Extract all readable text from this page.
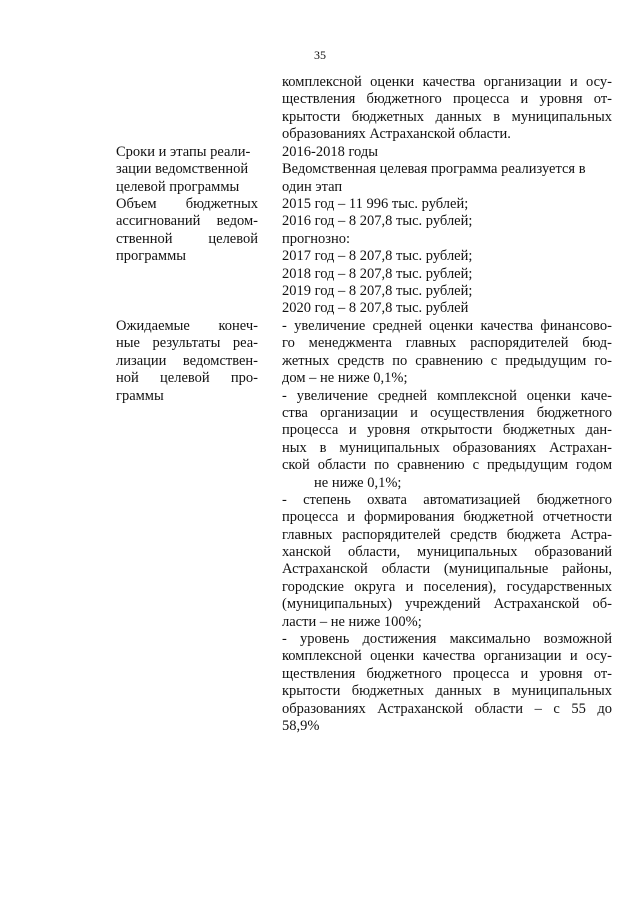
35
комплексной оценки качества организации и осу-
ществления бюджетного процесса и уровня от-
крытости бюджетных данных в муниципальных
образованиях Астраханской области.
Сроки и этапы реали-
зации ведомственной
целевой программы
2016-2018 годы
Ведомственная целевая программа реализуется в
один этап
Объем бюджетных
ассигнований ведом-
ственной целевой
программы
2015 год – 11 996 тыс. рублей;
2016 год – 8 207,8 тыс. рублей;
прогнозно:
2017 год – 8 207,8 тыс. рублей;
2018 год – 8 207,8 тыс. рублей;
2019 год – 8 207,8 тыс. рублей;
2020 год – 8 207,8 тыс. рублей
Ожидаемые конеч-
ные результаты реа-
лизации ведомствен-
ной целевой про-
граммы
- увеличение средней оценки качества финансово-
го менеджмента главных распорядителей бюд-
жетных средств по сравнению с предыдущим го-
дом – не ниже 0,1%;
- увеличение средней комплексной оценки каче-
ства организации и осуществления бюджетного
процесса и уровня открытости бюджетных дан-
ных в муниципальных образованиях Астрахан-
ской области по сравнению с предыдущим годом
не ниже 0,1%;
- степень охвата автоматизацией бюджетного
процесса и формирования бюджетной отчетности
главных распорядителей средств бюджета Астра-
ханской области, муниципальных образований
Астраханской области (муниципальные районы,
городские округа и поселения), государственных
(муниципальных) учреждений Астраханской об-
ласти – не ниже 100%;
- уровень достижения максимально возможной
комплексной оценки качества организации и осу-
ществления бюджетного процесса и уровня от-
крытости бюджетных данных в муниципальных
образованиях Астраханской области – с 55 до
58,9%
